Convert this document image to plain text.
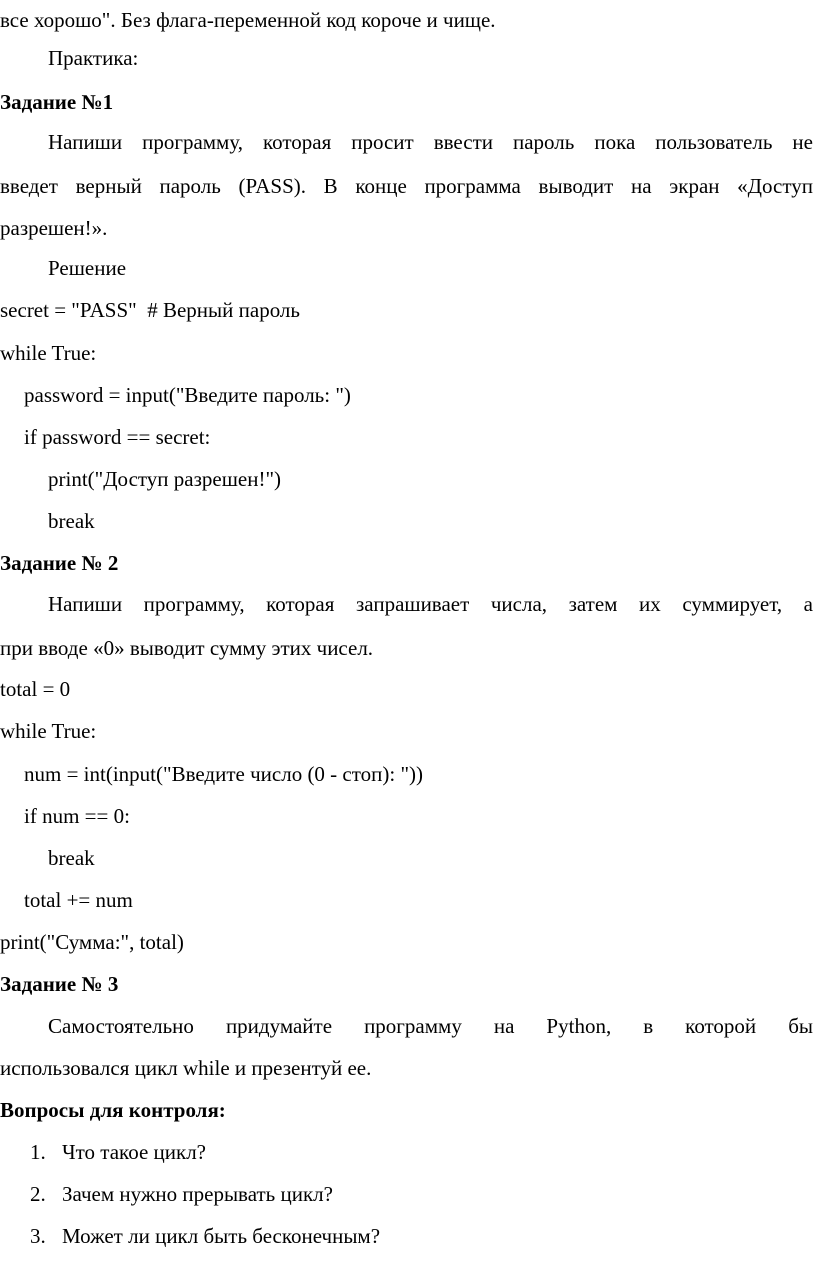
все хорошо". Без флага-переменной код короче и чище.
Практика:
Задание №1
Напиши программу, которая просит ввести пароль пока пользователь не
введет верный пароль (PASS). В конце программа выводит на экран «Доступ
разрешен!».
Решение
secret = "PASS"  # Верный пароль
while True:
password = input("Введите пароль: ")
if password == secret:
print("Доступ разрешен!")
break
Задание № 2
Напиши программу, которая запрашивает числа, затем их суммирует, а
при вводе «0» выводит сумму этих чисел.
total = 0
while True:
num = int(input("Введите число (0 - стоп): "))
if num == 0:
break
total += num
print("Сумма:", total)
Задание № 3
Самостоятельно придумайте программу на Python, в которой бы
использовался цикл while и презентуй ее.
Вопросы для контроля:
1. Что такое цикл?
2. Зачем нужно прерывать цикл?
3. Может ли цикл быть бесконечным?
